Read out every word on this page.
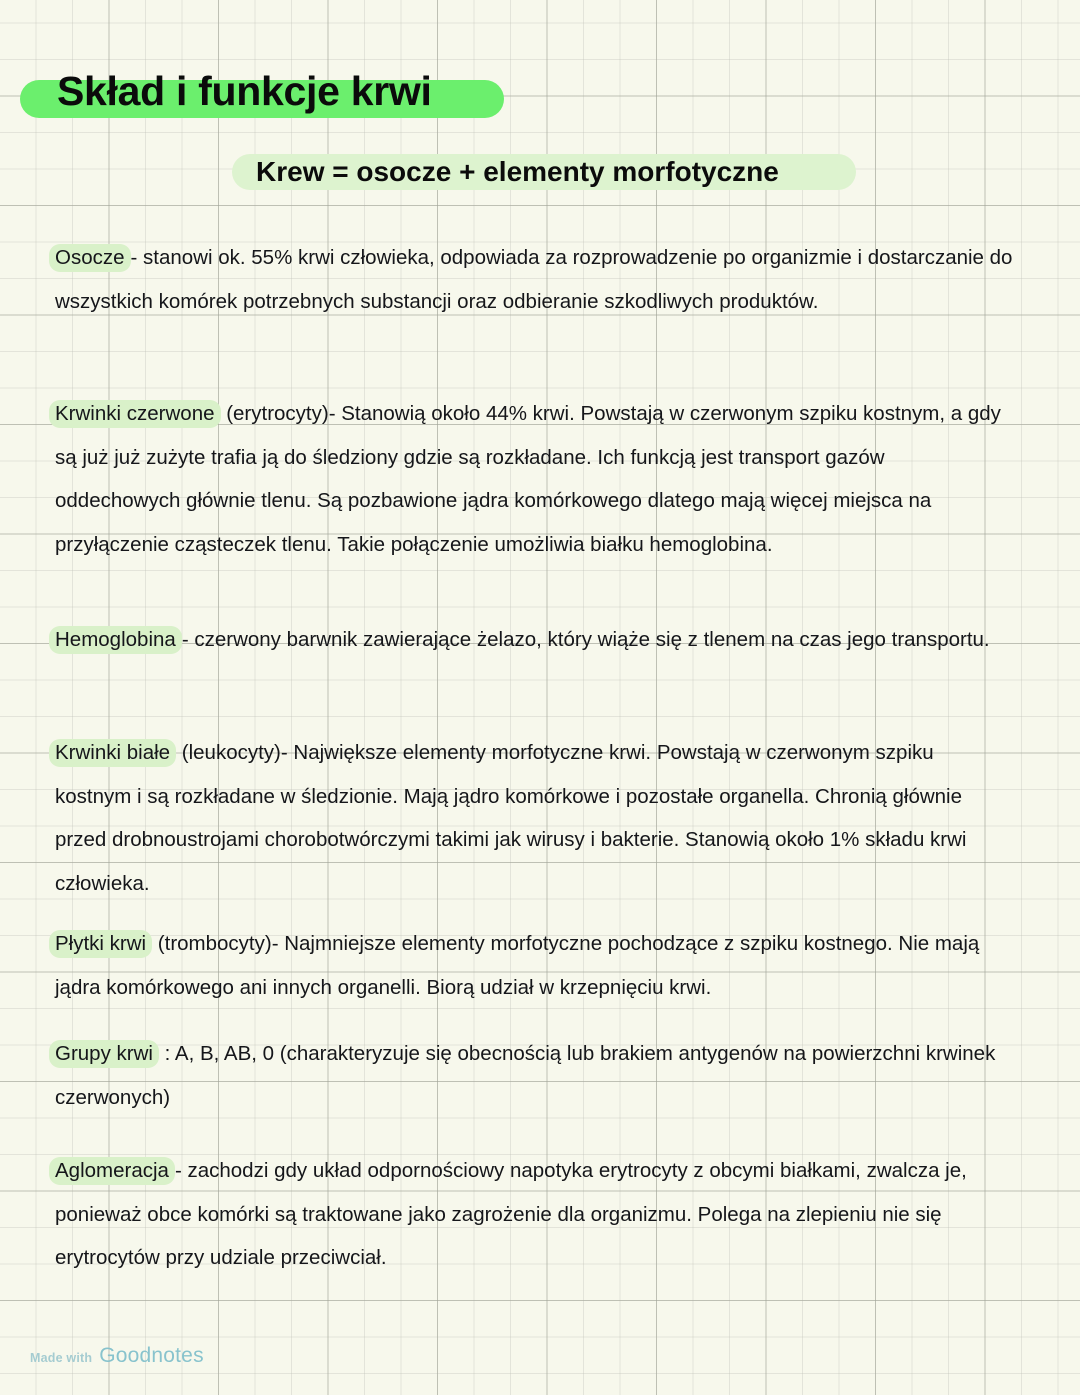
Skład i funkcje krwi
Krew = osocze + elementy morfotyczne

Osocze - stanowi ok. 55% krwi człowieka, odpowiada za rozprowadzenie po organizmie i dostarczanie do wszystkich komórek potrzebnych substancji oraz odbieranie szkodliwych produktów.

Krwinki czerwone (erytrocyty)- Stanowią około 44% krwi. Powstają w czerwonym szpiku kostnym, a gdy są już już zużyte trafia ją do śledziony gdzie są rozkładane. Ich funkcją jest transport gazów oddechowych głównie tlenu. Są pozbawione jądra komórkowego dlatego mają więcej miejsca na przyłączenie cząsteczek tlenu. Takie połączenie umożliwia białku hemoglobina.

Hemoglobina - czerwony barwnik zawierające żelazo, który wiąże się z tlenem na czas jego transportu.

Krwinki białe (leukocyty)- Największe elementy morfotyczne krwi. Powstają w czerwonym szpiku kostnym i są rozkładane w śledzionie. Mają jądro komórkowe i pozostałe organella. Chronią głównie przed drobnoustrojami chorobotwórczymi takimi jak wirusy i bakterie. Stanowią około 1% składu krwi człowieka.

Płytki krwi (trombocyty)- Najmniejsze elementy morfotyczne pochodzące z szpiku kostnego. Nie mają jądra komórkowego ani innych organelli. Biorą udział w krzepnięciu krwi.

Grupy krwi : A, B, AB, 0 (charakteryzuje się obecnością lub brakiem antygenów na powierzchni krwinek czerwonych)

Aglomeracja - zachodzi gdy układ odpornościowy napotyka erytrocyty z obcymi białkami, zwalcza je, ponieważ obce komórki są traktowane jako zagrożenie dla organizmu. Polega na zlepieniu nie się erytrocytów przy udziale przeciwciał.

Made with Goodnotes
